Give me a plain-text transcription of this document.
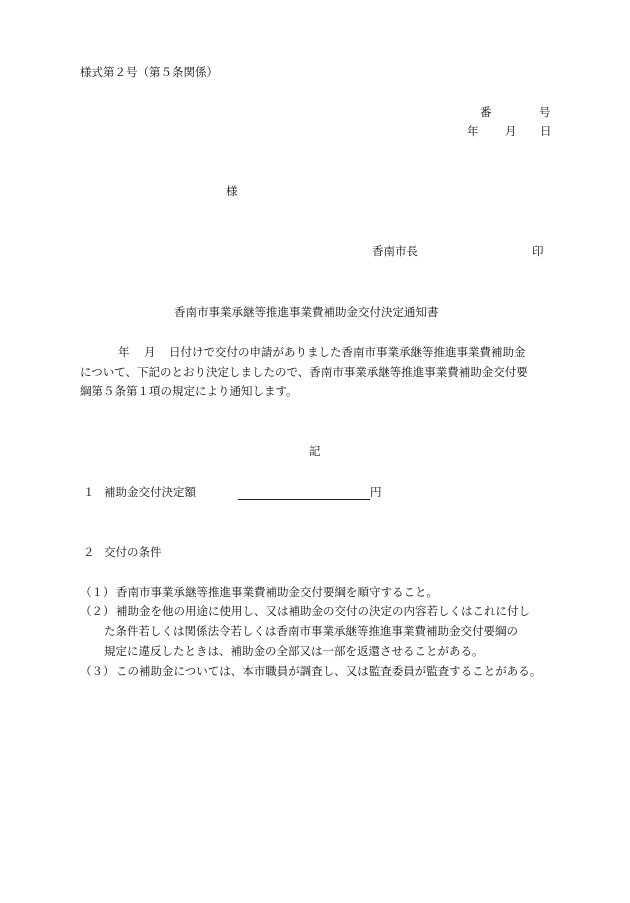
様式第２号（第５条関係）
番	号
年 月 日
様
香南市長	印
香南市事業承継等推進事業費補助金交付決定通知書
年 月 日付けで交付の申請がありました香南市事業承継等推進事業費補助金
について、下記のとおり決定しましたので、香南市事業承継等推進事業費補助金交付要
綱第５条第１項の規定により通知します。
記
１ 補助金交付決定額	円
２ 交付の条件
（１） 香南市事業承継等推進事業費補助金交付要綱を順守すること。
（２） 補助金を他の用途に使用し、又は補助金の交付の決定の内容若しくはこれに付し
た条件若しくは関係法令若しくは香南市事業承継等推進事業費補助金交付要綱の
規定に違反したときは、補助金の全部又は一部を返還させることがある。
（３） この補助金については、本市職員が調査し、又は監査委員が監査することがある。
